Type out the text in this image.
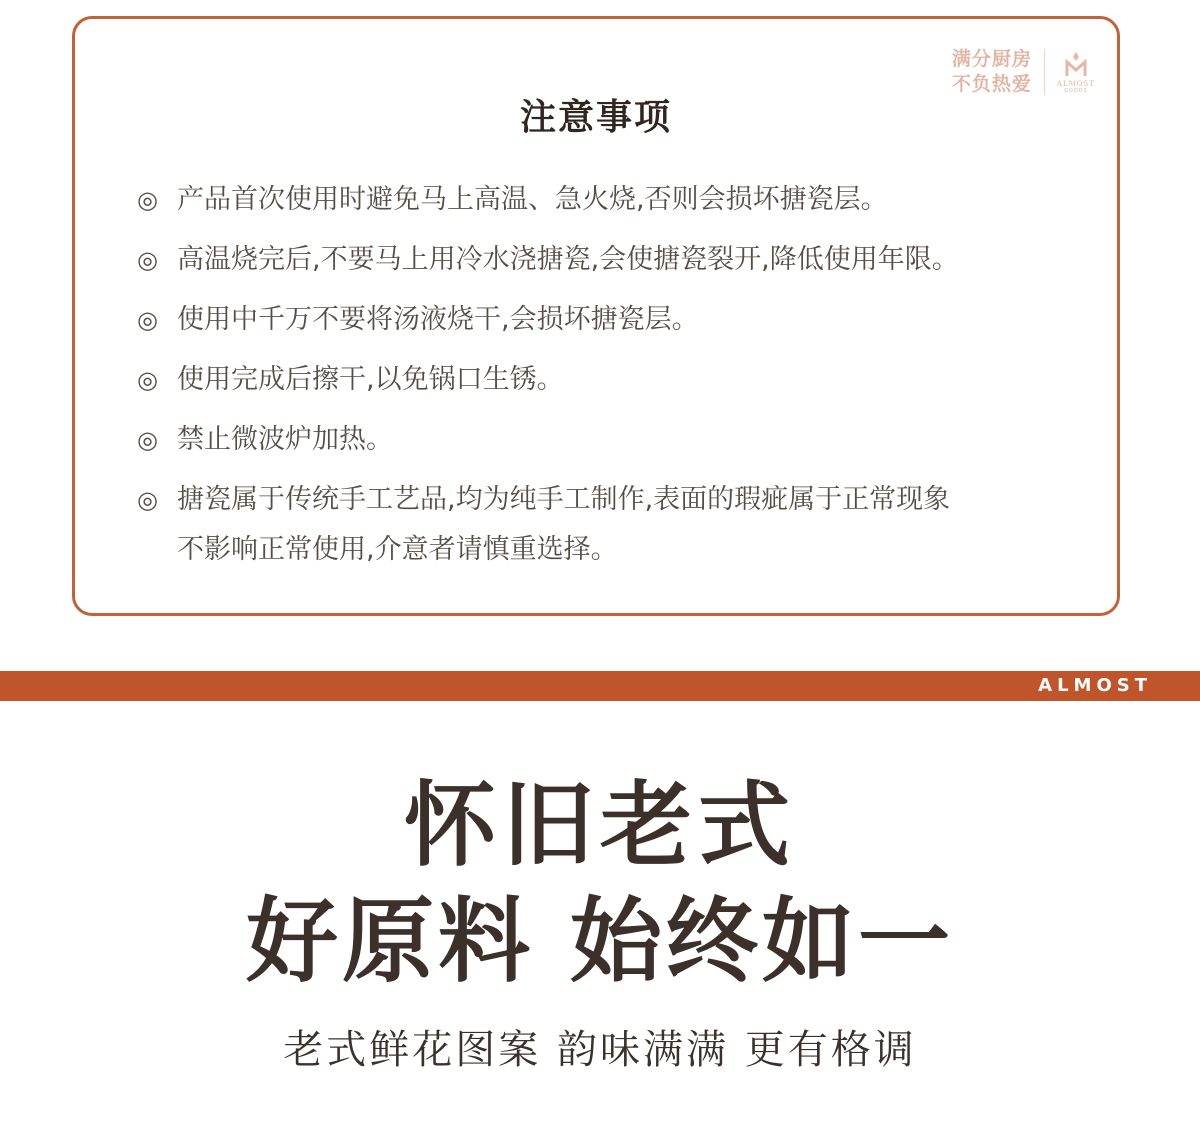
注意事项
满分厨房
不负热爱	ALMOST
GOODS
◎ 产品首次使用时避免马上高温、急火烧,否则会损坏搪瓷层。
◎ 高温烧完后,不要马上用冷水浇搪瓷,会使搪瓷裂开,降低使用年限。
◎ 使用中千万不要将汤液烧干,会损坏搪瓷层。
◎ 使用完成后擦干,以免锅口生锈。
◎ 禁止微波炉加热。
◎ 搪瓷属于传统手工艺品,均为纯手工制作,表面的瑕疵属于正常现象
不影响正常使用,介意者请慎重选择。
ALMOST
怀旧老式
好原料 始终如一
老式鲜花图案 韵味满满 更有格调
